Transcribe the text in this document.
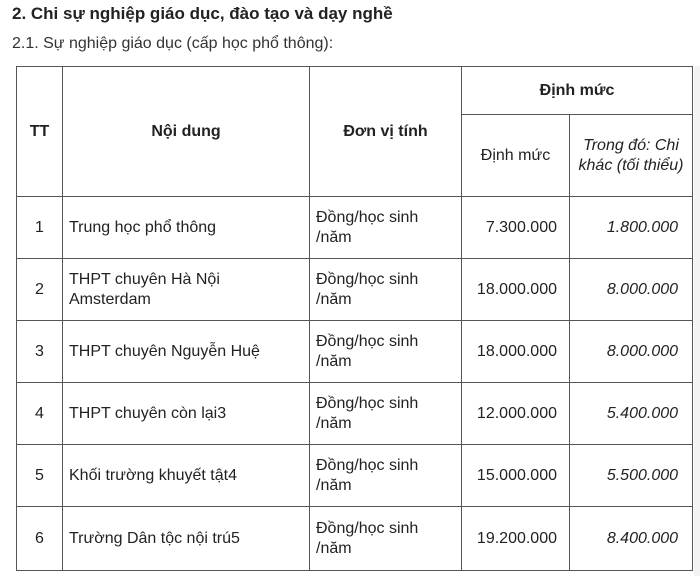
2. Chi sự nghiệp giáo dục, đào tạo và dạy nghề
2.1. Sự nghiệp giáo dục (cấp học phổ thông):
TT	Nội dung	Đơn vị tính	Định mức	
			Định mức	Trong đó: Chi khác (tối thiểu)
1	Trung học phổ thông	Đồng/học sinh /năm	7.300.000	1.800.000
2	THPT chuyên Hà Nội Amsterdam	Đồng/học sinh /năm	18.000.000	8.000.000
3	THPT chuyên Nguyễn Huệ	Đồng/học sinh /năm	18.000.000	8.000.000
4	THPT chuyên còn lại3	Đồng/học sinh /năm	12.000.000	5.400.000
5	Khối trường khuyết tật4	Đồng/học sinh /năm	15.000.000	5.500.000
6	Trường Dân tộc nội trú5	Đồng/học sinh /năm	19.200.000	8.400.000
